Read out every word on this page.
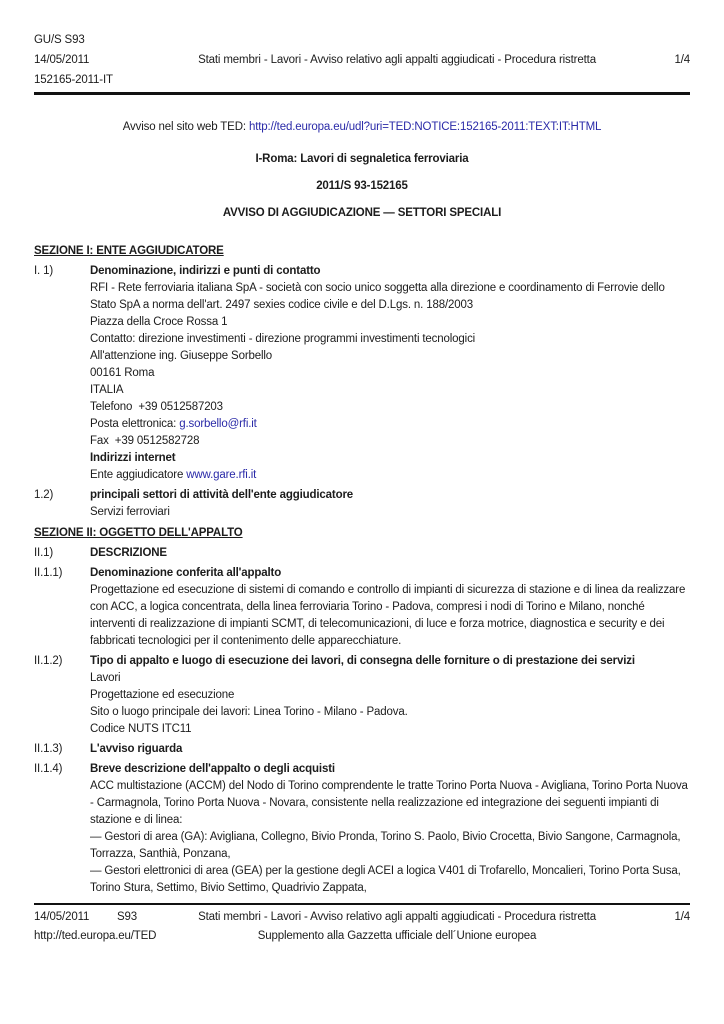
GU/S S93
14/05/2011
152165-2011-IT
Stati membri - Lavori - Avviso relativo agli appalti aggiudicati - Procedura ristretta	1/4
Avviso nel sito web TED: http://ted.europa.eu/udl?uri=TED:NOTICE:152165-2011:TEXT:IT:HTML
I-Roma: Lavori di segnaletica ferroviaria
2011/S 93-152165
AVVISO DI AGGIUDICAZIONE — SETTORI SPECIALI
SEZIONE I: ENTE AGGIUDICATORE
I. 1)	Denominazione, indirizzi e punti di contatto
RFI - Rete ferroviaria italiana SpA - società con socio unico soggetta alla direzione e coordinamento di Ferrovie dello Stato SpA a norma dell'art. 2497 sexies codice civile e del D.Lgs. n. 188/2003
Piazza della Croce Rossa 1
Contatto: direzione investimenti - direzione programmi investimenti tecnologici
All'attenzione ing. Giuseppe Sorbello
00161 Roma
ITALIA
Telefono  +39 0512587203
Posta elettronica: g.sorbello@rfi.it
Fax  +39 0512582728
Indirizzi internet
Ente aggiudicatore www.gare.rfi.it
1.2)	principali settori di attività dell'ente aggiudicatore
Servizi ferroviari
SEZIONE II: OGGETTO DELL'APPALTO
II.1)	DESCRIZIONE
II.1.1)	Denominazione conferita all'appalto
Progettazione ed esecuzione di sistemi di comando e controllo di impianti di sicurezza di stazione e di linea da realizzare con ACC, a logica concentrata, della linea ferroviaria Torino - Padova, compresi i nodi di Torino e Milano, nonché interventi di realizzazione di impianti SCMT, di telecomunicazioni, di luce e forza motrice, diagnostica e security e dei fabbricati tecnologici per il contenimento delle apparecchiature.
II.1.2)	Tipo di appalto e luogo di esecuzione dei lavori, di consegna delle forniture o di prestazione dei servizi
Lavori
Progettazione ed esecuzione
Sito o luogo principale dei lavori: Linea Torino - Milano - Padova.
Codice NUTS ITC11
II.1.3)	L'avviso riguarda
II.1.4)	Breve descrizione dell'appalto o degli acquisti
ACC multistazione (ACCM) del Nodo di Torino comprendente le tratte Torino Porta Nuova - Avigliana, Torino Porta Nuova - Carmagnola, Torino Porta Nuova - Novara, consistente nella realizzazione ed integrazione dei seguenti impianti di stazione e di linea:
— Gestori di area (GA): Avigliana, Collegno, Bivio Pronda, Torino S. Paolo, Bivio Crocetta, Bivio Sangone, Carmagnola, Torrazza, Santhià, Ponzana,
— Gestori elettronici di area (GEA) per la gestione degli ACEI a logica V401 di Trofarello, Moncalieri, Torino Porta Susa, Torino Stura, Settimo, Bivio Settimo, Quadrivio Zappata,
14/05/2011 S93	Stati membri - Lavori - Avviso relativo agli appalti aggiudicati - Procedura ristretta	1/4
http://ted.europa.eu/TED	Supplemento alla Gazzetta ufficiale dell´Unione europea
